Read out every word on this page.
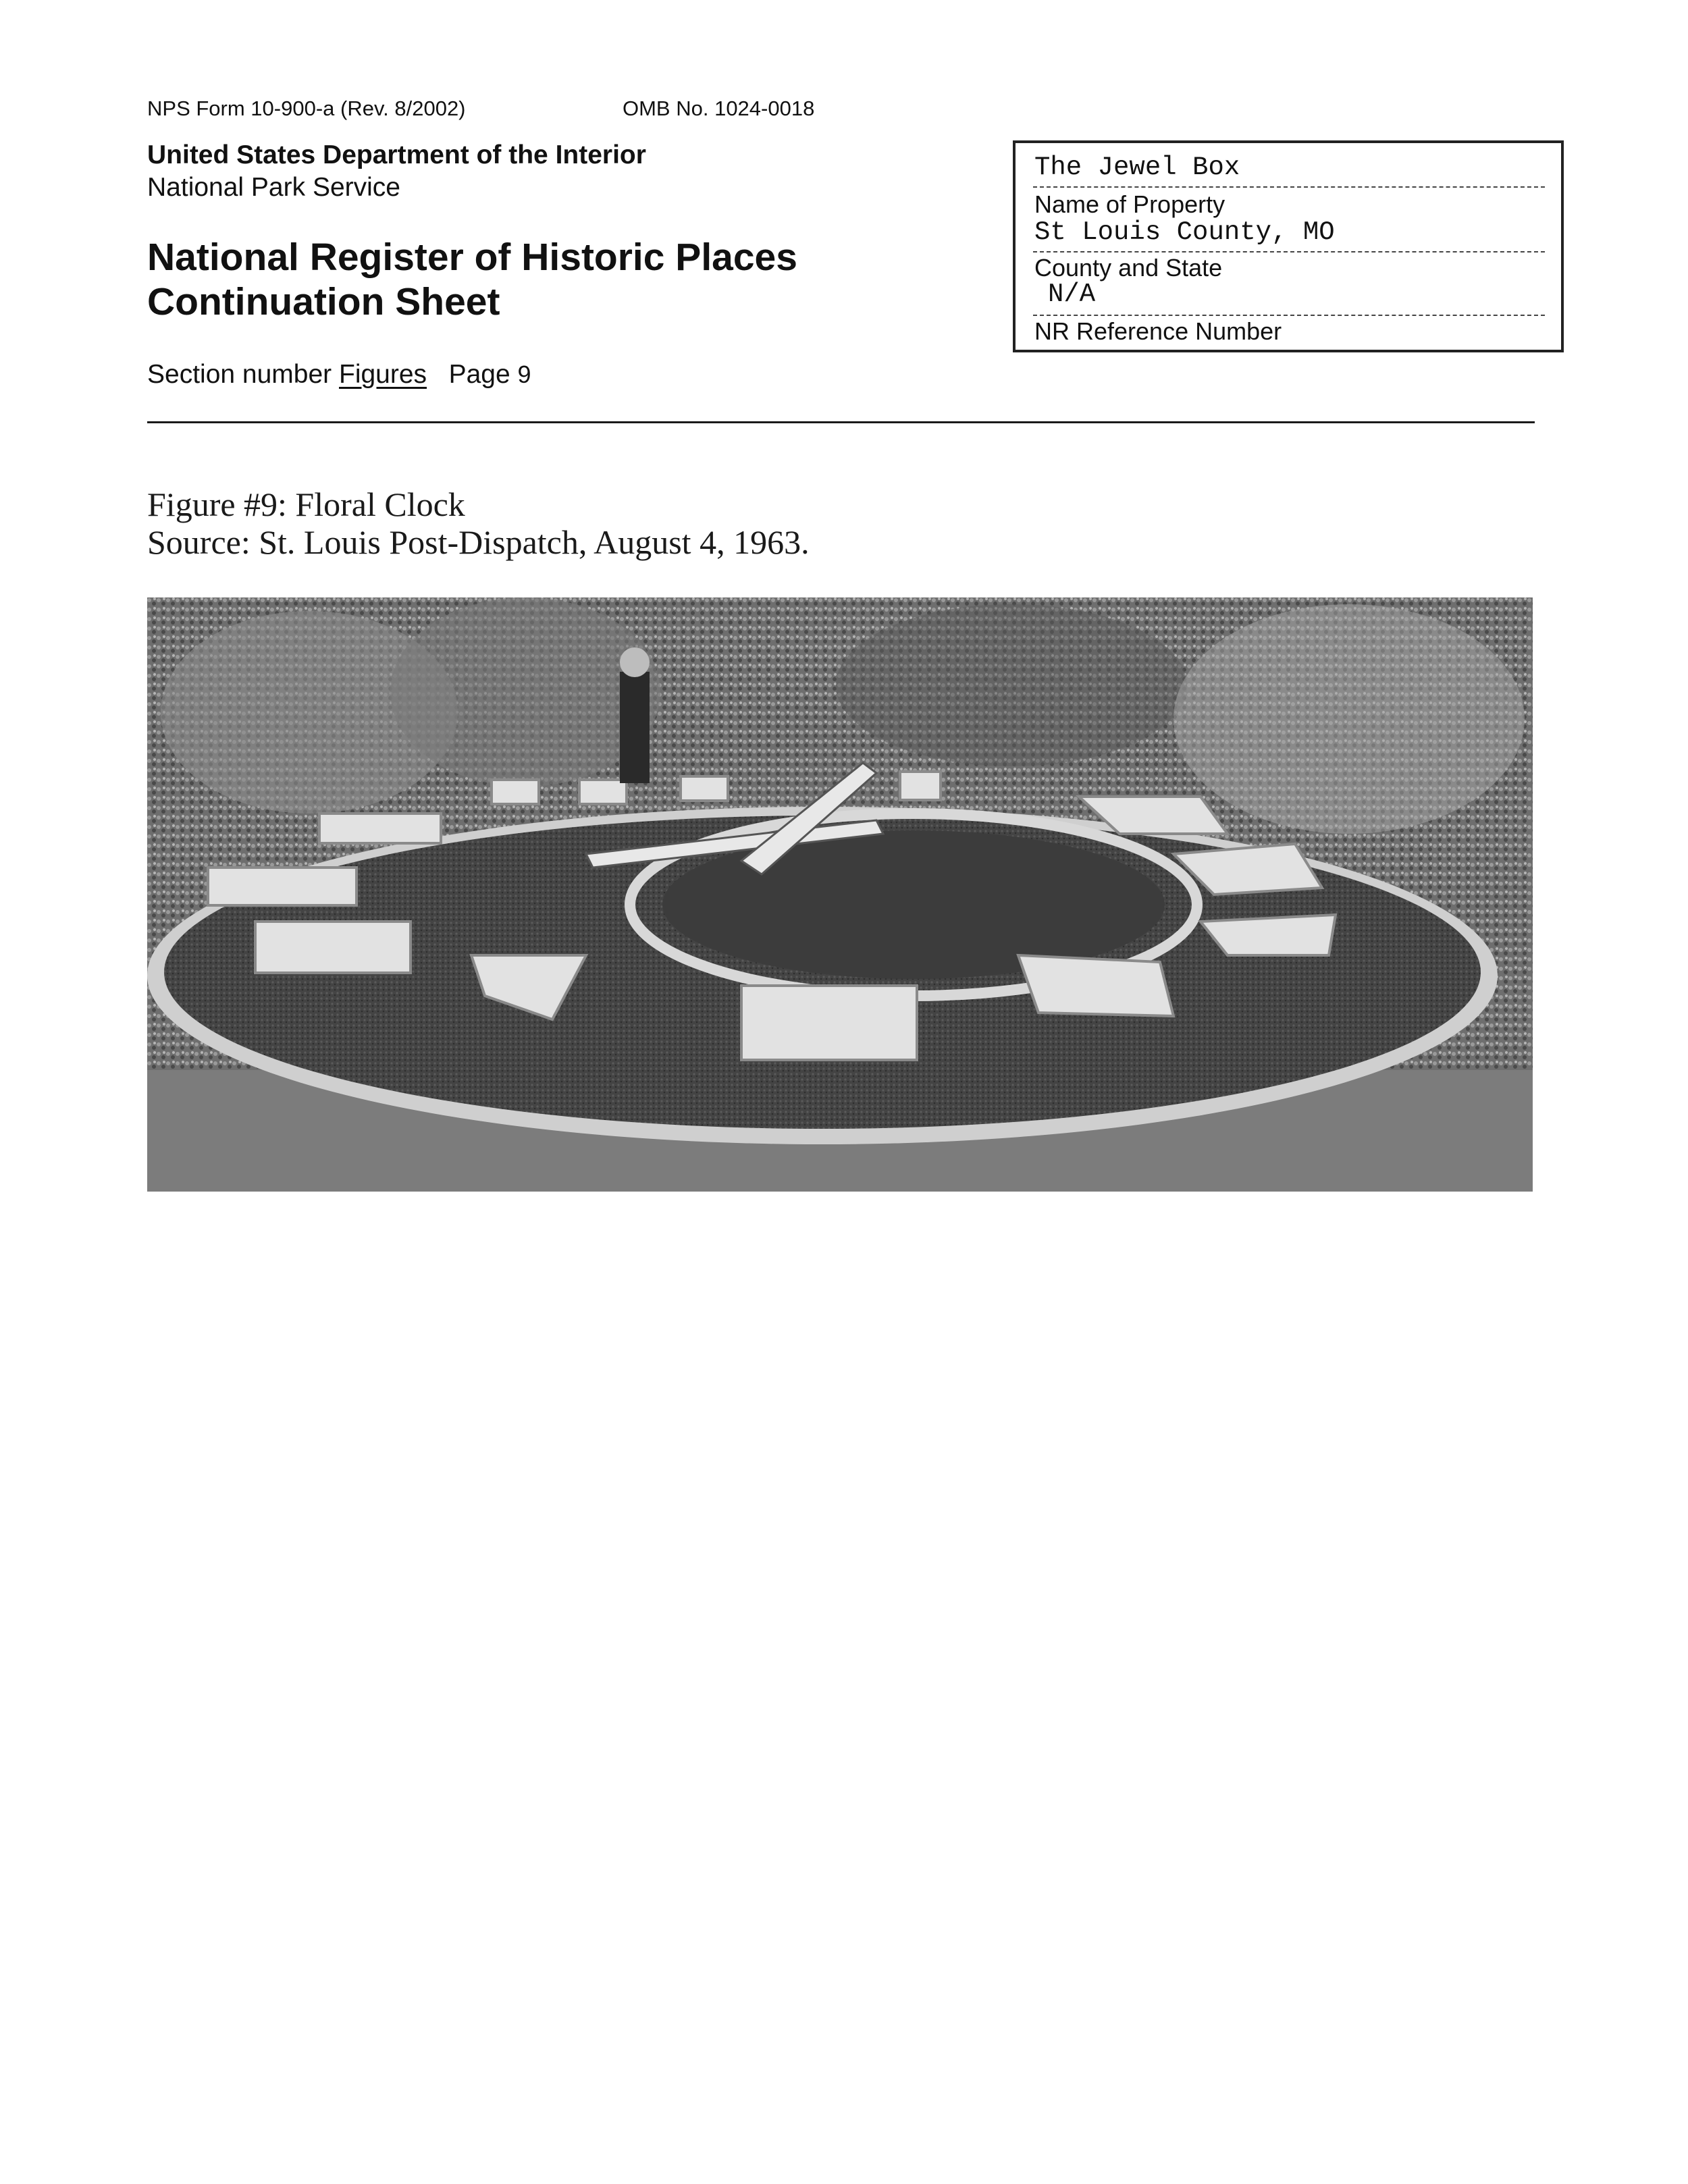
NPS Form 10-900-a (Rev. 8/2002)	OMB No. 1024-0018
United States Department of the Interior
National Park Service
National Register of Historic Places
Continuation Sheet
Section number Figures Page 9
The Jewel Box
Name of Property
St Louis County, MO
County and State
N/A
NR Reference Number
Figure #9: Floral Clock
Source: St. Louis Post-Dispatch, August 4, 1963.
